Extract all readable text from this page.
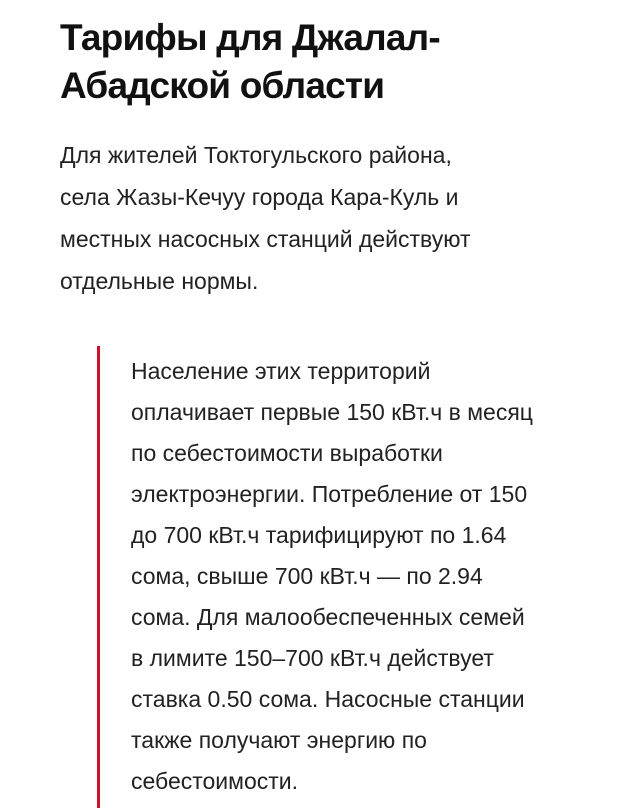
Тарифы для Джалал-
Абадской области

Для жителей Токтогульского района,
села Жазы-Кечуу города Кара-Куль и
местных насосных станций действуют
отдельные нормы.

Население этих территорий
оплачивает первые 150 кВт.ч в месяц
по себестоимости выработки
электроэнергии. Потребление от 150
до 700 кВт.ч тарифицируют по 1.64
сома, свыше 700 кВт.ч — по 2.94
сома. Для малообеспеченных семей
в лимите 150–700 кВт.ч действует
ставка 0.50 сома. Насосные станции
также получают энергию по
себестоимости.
